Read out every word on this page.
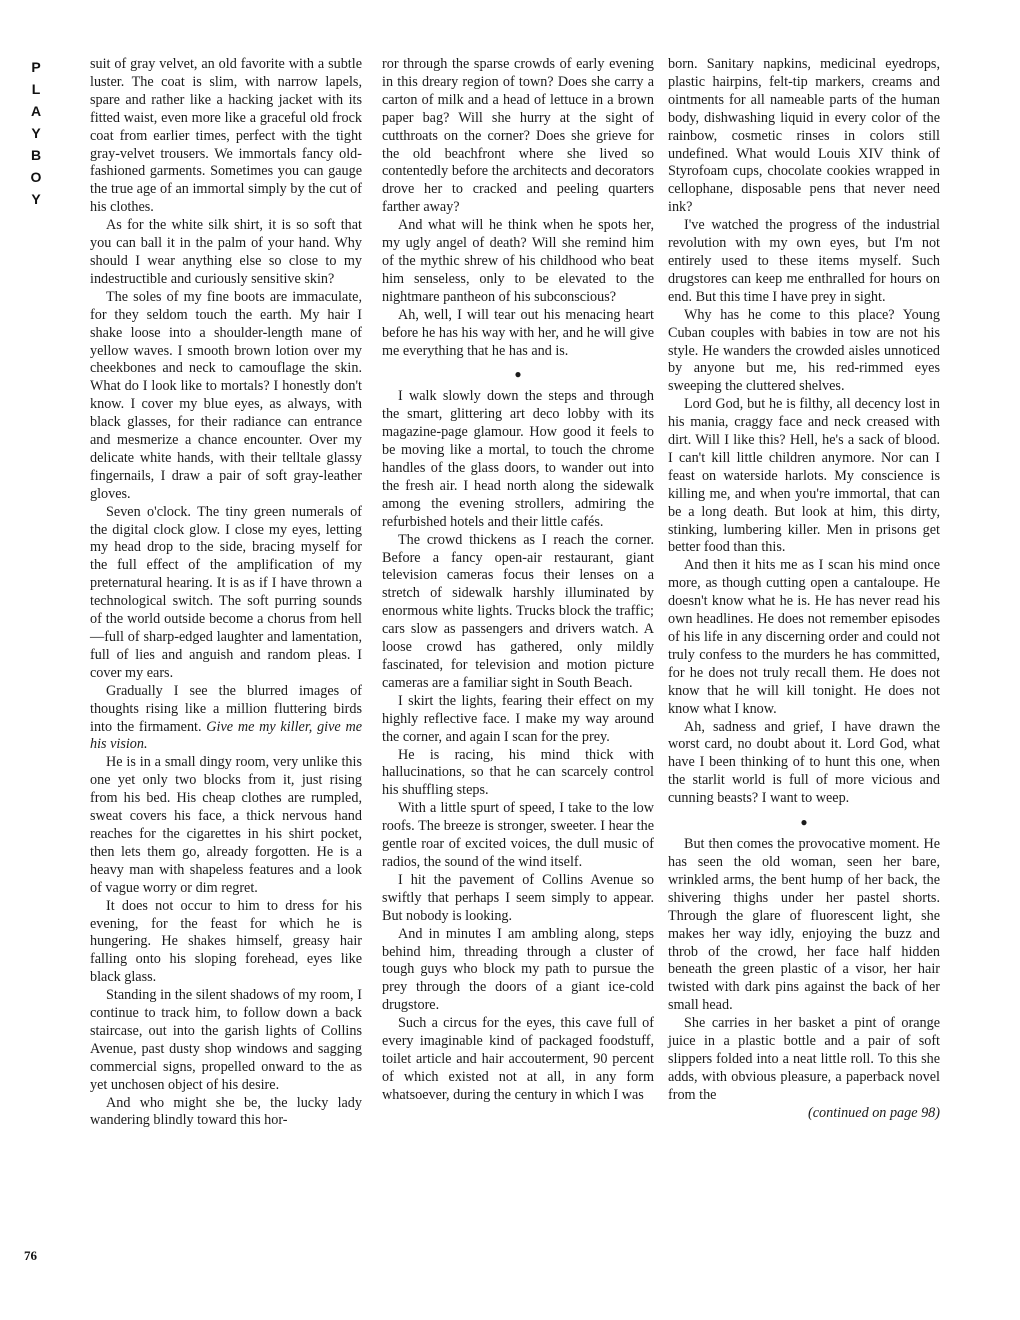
P
L
A
Y
B
O
Y
76

suit of gray velvet, an old favorite with a subtle luster. The coat is slim, with narrow lapels, spare and rather like a hacking jacket with its fitted waist, even more like a graceful old frock coat from earlier times, perfect with the tight gray-velvet trousers. We immortals fancy old-fashioned garments. Sometimes you can gauge the true age of an immortal simply by the cut of his clothes.

As for the white silk shirt, it is so soft that you can ball it in the palm of your hand. Why should I wear anything else so close to my indestructible and curiously sensitive skin?

The soles of my fine boots are immaculate, for they seldom touch the earth. My hair I shake loose into a shoulder-length mane of yellow waves. I smooth brown lotion over my cheekbones and neck to camouflage the skin. What do I look like to mortals? I honestly don't know. I cover my blue eyes, as always, with black glasses, for their radiance can entrance and mesmerize a chance encounter. Over my delicate white hands, with their telltale glassy fingernails, I draw a pair of soft gray-leather gloves.

Seven o'clock. The tiny green numerals of the digital clock glow. I close my eyes, letting my head drop to the side, bracing myself for the full effect of the amplification of my preternatural hearing. It is as if I have thrown a technological switch. The soft purring sounds of the world outside become a chorus from hell—full of sharp-edged laughter and lamentation, full of lies and anguish and random pleas. I cover my ears.

Gradually I see the blurred images of thoughts rising like a million fluttering birds into the firmament. Give me my killer, give me his vision.

He is in a small dingy room, very unlike this one yet only two blocks from it, just rising from his bed. His cheap clothes are rumpled, sweat covers his face, a thick nervous hand reaches for the cigarettes in his shirt pocket, then lets them go, already forgotten. He is a heavy man with shapeless features and a look of vague worry or dim regret.

It does not occur to him to dress for his evening, for the feast for which he is hungering. He shakes himself, greasy hair falling onto his sloping forehead, eyes like black glass.

Standing in the silent shadows of my room, I continue to track him, to follow down a back staircase, out into the garish lights of Collins Avenue, past dusty shop windows and sagging commercial signs, propelled onward to the as yet unchosen object of his desire.

And who might she be, the lucky lady wandering blindly toward this hor-

ror through the sparse crowds of early evening in this dreary region of town? Does she carry a carton of milk and a head of lettuce in a brown paper bag? Will she hurry at the sight of cutthroats on the corner? Does she grieve for the old beachfront where she lived so contentedly before the architects and decorators drove her to cracked and peeling quarters farther away?

And what will he think when he spots her, my ugly angel of death? Will she remind him of the mythic shrew of his childhood who beat him senseless, only to be elevated to the nightmare pantheon of his subconscious?

Ah, well, I will tear out his menacing heart before he has his way with her, and he will give me everything that he has and is.

●

I walk slowly down the steps and through the smart, glittering art deco lobby with its magazine-page glamour. How good it feels to be moving like a mortal, to touch the chrome handles of the glass doors, to wander out into the fresh air. I head north along the sidewalk among the evening strollers, admiring the refurbished hotels and their little cafés.

The crowd thickens as I reach the corner. Before a fancy open-air restaurant, giant television cameras focus their lenses on a stretch of sidewalk harshly illuminated by enormous white lights. Trucks block the traffic; cars slow as passengers and drivers watch. A loose crowd has gathered, only mildly fascinated, for television and motion picture cameras are a familiar sight in South Beach.

I skirt the lights, fearing their effect on my highly reflective face. I make my way around the corner, and again I scan for the prey.

He is racing, his mind thick with hallucinations, so that he can scarcely control his shuffling steps.

With a little spurt of speed, I take to the low roofs. The breeze is stronger, sweeter. I hear the gentle roar of excited voices, the dull music of radios, the sound of the wind itself.

I hit the pavement of Collins Avenue so swiftly that perhaps I seem simply to appear. But nobody is looking.

And in minutes I am ambling along, steps behind him, threading through a cluster of tough guys who block my path to pursue the prey through the doors of a giant ice-cold drugstore.

Such a circus for the eyes, this cave full of every imaginable kind of packaged foodstuff, toilet article and hair accouterment, 90 percent of which existed not at all, in any form whatsoever, during the century in which I was

born. Sanitary napkins, medicinal eyedrops, plastic hairpins, felt-tip markers, creams and ointments for all nameable parts of the human body, dishwashing liquid in every color of the rainbow, cosmetic rinses in colors still undefined. What would Louis XIV think of Styrofoam cups, chocolate cookies wrapped in cellophane, disposable pens that never need ink?

I've watched the progress of the industrial revolution with my own eyes, but I'm not entirely used to these items myself. Such drugstores can keep me enthralled for hours on end. But this time I have prey in sight.

Why has he come to this place? Young Cuban couples with babies in tow are not his style. He wanders the crowded aisles unnoticed by anyone but me, his red-rimmed eyes sweeping the cluttered shelves.

Lord God, but he is filthy, all decency lost in his mania, craggy face and neck creased with dirt. Will I like this? Hell, he's a sack of blood. I can't kill little children anymore. Nor can I feast on waterside harlots. My conscience is killing me, and when you're immortal, that can be a long death. But look at him, this dirty, stinking, lumbering killer. Men in prisons get better food than this.

And then it hits me as I scan his mind once more, as though cutting open a cantaloupe. He doesn't know what he is. He has never read his own headlines. He does not remember episodes of his life in any discerning order and could not truly confess to the murders he has committed, for he does not truly recall them. He does not know that he will kill tonight. He does not know what I know.

Ah, sadness and grief, I have drawn the worst card, no doubt about it. Lord God, what have I been thinking of to hunt this one, when the starlit world is full of more vicious and cunning beasts? I want to weep.

●

But then comes the provocative moment. He has seen the old woman, seen her bare, wrinkled arms, the bent hump of her back, the shivering thighs under her pastel shorts. Through the glare of fluorescent light, she makes her way idly, enjoying the buzz and throb of the crowd, her face half hidden beneath the green plastic of a visor, her hair twisted with dark pins against the back of her small head.

She carries in her basket a pint of orange juice in a plastic bottle and a pair of soft slippers folded into a neat little roll. To this she adds, with obvious pleasure, a paperback novel from the

(continued on page 98)
